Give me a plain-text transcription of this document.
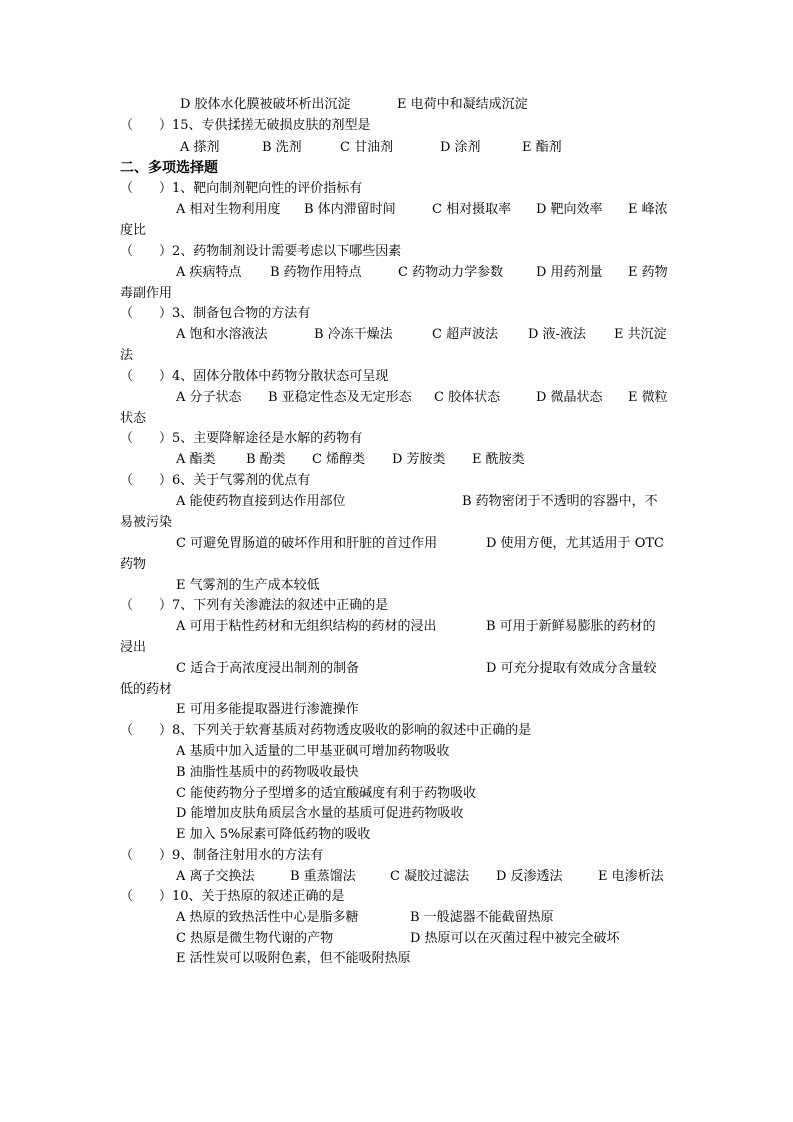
D 胶体水化膜被破坏析出沉淀	E 电荷中和凝结成沉淀
（　　）15、专供揉搓无破损皮肤的剂型是
A 搽剂	B 洗剂	C 甘油剂	D 涂剂	E 酯剂
二、多项选择题
（　　）1、靶向制剂靶向性的评价指标有
A 相对生物利用度 B 体内滞留时间	C 相对摄取率 D 靶向效率 E 峰浓
度比
（　　）2、药物制剂设计需要考虑以下哪些因素
A 疾病特点 B 药物作用特点	C 药物动力学参数	D 用药剂量 E 药物
毒副作用
（　　）3、制备包合物的方法有
A 饱和水溶液法	B 冷冻干燥法	C 超声波法 D 液-液法 E 共沉淀
法
（　　）4、固体分散体中药物分散状态可呈现
A 分子状态 B 亚稳定性态及无定形态 C 胶体状态	D 微晶状态 E 微粒
状态
（　　）5、主要降解途径是水解的药物有
A 酯类 B 酚类 C 烯醇类 D 芳胺类 E 酰胺类
（　　）6、关于气雾剂的优点有
A 能使药物直接到达作用部位	B 药物密闭于不透明的容器中，不
易被污染
C 可避免胃肠道的破坏作用和肝脏的首过作用	D 使用方便，尤其适用于 OTC
药物
E 气雾剂的生产成本较低
（　　）7、下列有关渗漉法的叙述中正确的是
A 可用于粘性药材和无组织结构的药材的浸出	B 可用于新鲜易膨胀的药材的
浸出
C 适合于高浓度浸出制剂的制备	D 可充分提取有效成分含量较
低的药材
E 可用多能提取器进行渗漉操作
（　　）8、下列关于软膏基质对药物透皮吸收的影响的叙述中正确的是
A 基质中加入适量的二甲基亚砜可增加药物吸收
B 油脂性基质中的药物吸收最快
C 能使药物分子型增多的适宜酸碱度有利于药物吸收
D 能增加皮肤角质层含水量的基质可促进药物吸收
E 加入 5%尿素可降低药物的吸收
（　　）9、制备注射用水的方法有
A 离子交换法	B 重蒸馏法	C 凝胶过滤法 D 反渗透法	E 电渗析法
（　　）10、关于热原的叙述正确的是
A 热原的致热活性中心是脂多糖	B 一般滤器不能截留热原
C 热原是微生物代谢的产物	D 热原可以在灭菌过程中被完全破坏
E 活性炭可以吸附色素，但不能吸附热原
